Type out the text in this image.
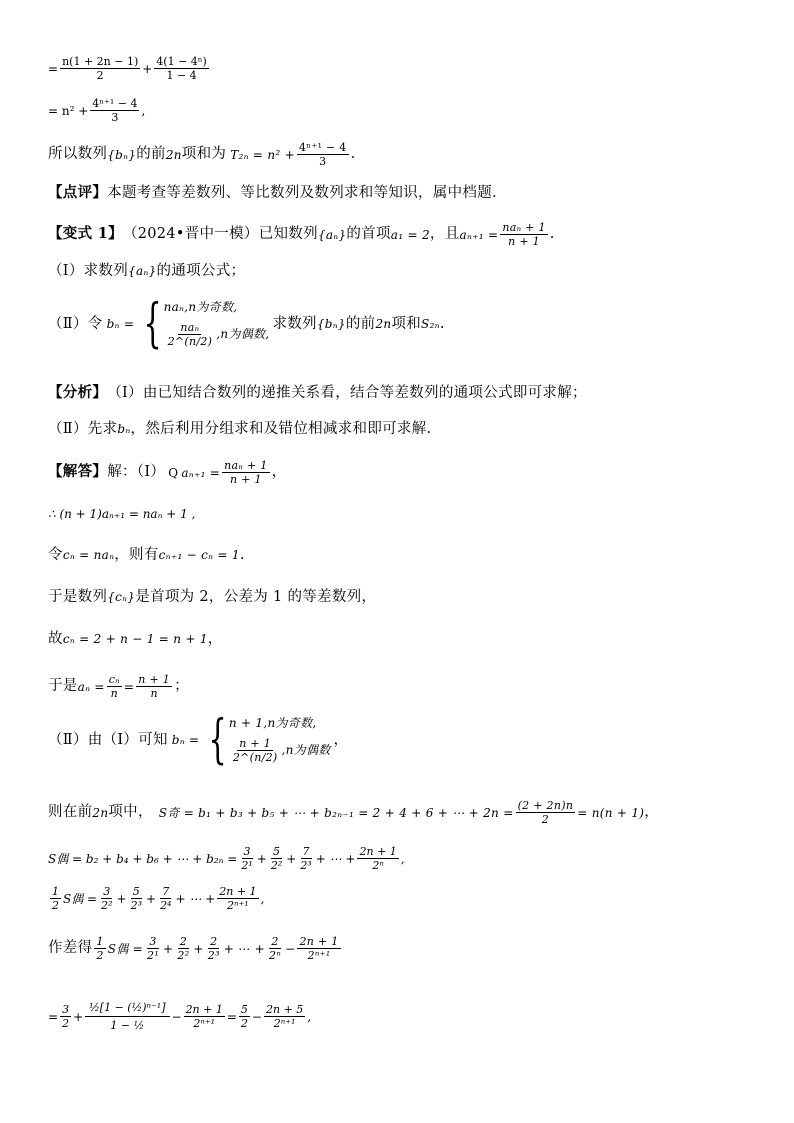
= $\frac{n(1 + 2n - 1)}{2} + \frac{\text{4(1 − 4ⁿ)}}{1 - 4}$
= $n^2 + \frac{\text{4ⁿ⁺¹ − 4}}{3}$ ,
所以数列 {bₙ} 的前 2n 项和为 $T_{2n} = n^2 + \frac{\text{4ⁿ⁺¹ − 4}}{3}$ .
【点评】 本题考查等差数列、等比数列及数列求和等知识，属中档题.
【变式 1】 （2024•晋中一模）已知数列 {aₙ} 的首项 a₁ = 2 ，且 $a_{n+1} = \frac{\text{naₙ + 1}}{n + 1}$ .
（Ⅰ）求数列 {aₙ} 的通项公式；
（Ⅱ）令 bₙ = { naₙ,n为奇数,
$\frac{\text{naₙ}}{2\^{}(n/2)} ,n$为偶数,
求数列 {bₙ} 的前 2n 项和 S₂ₙ .
【分析】 （Ⅰ）由已知结合数列的递推关系看，结合等差数列的通项公式即可求解；
（Ⅱ）先求 bₙ ，然后利用分组求和及错位相减求和即可求解.
【解答】 解：（Ⅰ） Q $a_{n+1} = \frac{\text{naₙ + 1}}{n + 1}$ ，
∴ (n + 1)aₙ₊₁ = naₙ + 1 ,
令 cₙ = naₙ ，则有 cₙ₊₁ − cₙ = 1 .
于是数列 {cₙ} 是首项为 2，公差为 1 的等差数列，
故 cₙ = 2 + n − 1 = n + 1 ，
于是 $a_n = \frac{\text{cₙ}}{n} = \frac{n + 1}{n}$ ；
（Ⅱ）由（Ⅰ）可知 bₙ = { n + 1,n为奇数,
$\frac{n + 1}{2\^{}(n/2)} ,n$为偶数
，
则在前 2n 项中， S奇 = b₁ + b₃ + b₅ + ⋯ + b₂ₙ₋₁ = 2 + 4 + 6 + ⋯ + $2n = \frac{(2 + 2n)n}{2} = n(n + 1)$ ，
S偶 = b₂ + b₄ + b₆ + ⋯ + $b_{2n} = \frac{3}{\text{2¹}} + \frac{5}{\text{2²}} + \frac{7}{\text{2³}}$ + ⋯ + $\frac{2n + 1}{\text{2ⁿ}}$ ,
$\frac{1}{2}$ S偶 = $\frac{3}{\text{2²}} + \frac{5}{\text{2³}} + \frac{7}{\text{2⁴}}$ + ⋯ + $\frac{2n + 1}{\text{2ⁿ⁺¹}}$ ,
作差得 $\frac{1}{2}$ S偶 = $\frac{3}{\text{2¹}} + \frac{2}{\text{2²}} + \frac{2}{\text{2³}}$ + ⋯ + $\frac{2}{\text{2ⁿ}} - \frac{2n + 1}{\text{2ⁿ⁺¹}}$
= $\frac{3}{2} + \frac{\text{½[1 − (½)ⁿ⁻¹]}}{\text{1 − ½}} - \frac{2n + 1}{\text{2ⁿ⁺¹}} = \frac{5}{2} - \frac{2n + 5}{\text{2ⁿ⁺¹}}$ ,
